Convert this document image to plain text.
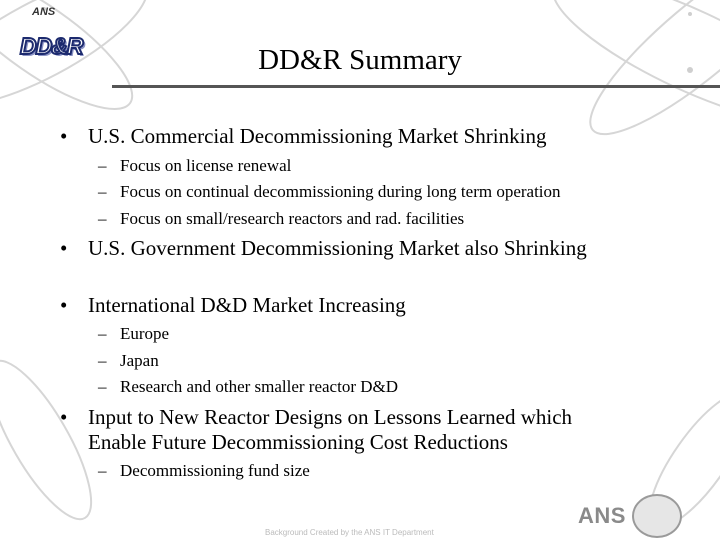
ANS
DD&R	DD&R Summary
• U.S. Commercial Decommissioning Market Shrinking
– Focus on license renewal
– Focus on continual decommissioning during long term operation
– Focus on small/research reactors and rad. facilities
• U.S. Government Decommissioning Market also Shrinking
• International D&D Market Increasing
– Europe
– Japan
– Research and other smaller reactor D&D
• Input to New Reactor Designs on Lessons Learned which
Enable Future Decommissioning Cost Reductions
– Decommissioning fund size
Background Created by the ANS IT Department
ANS
